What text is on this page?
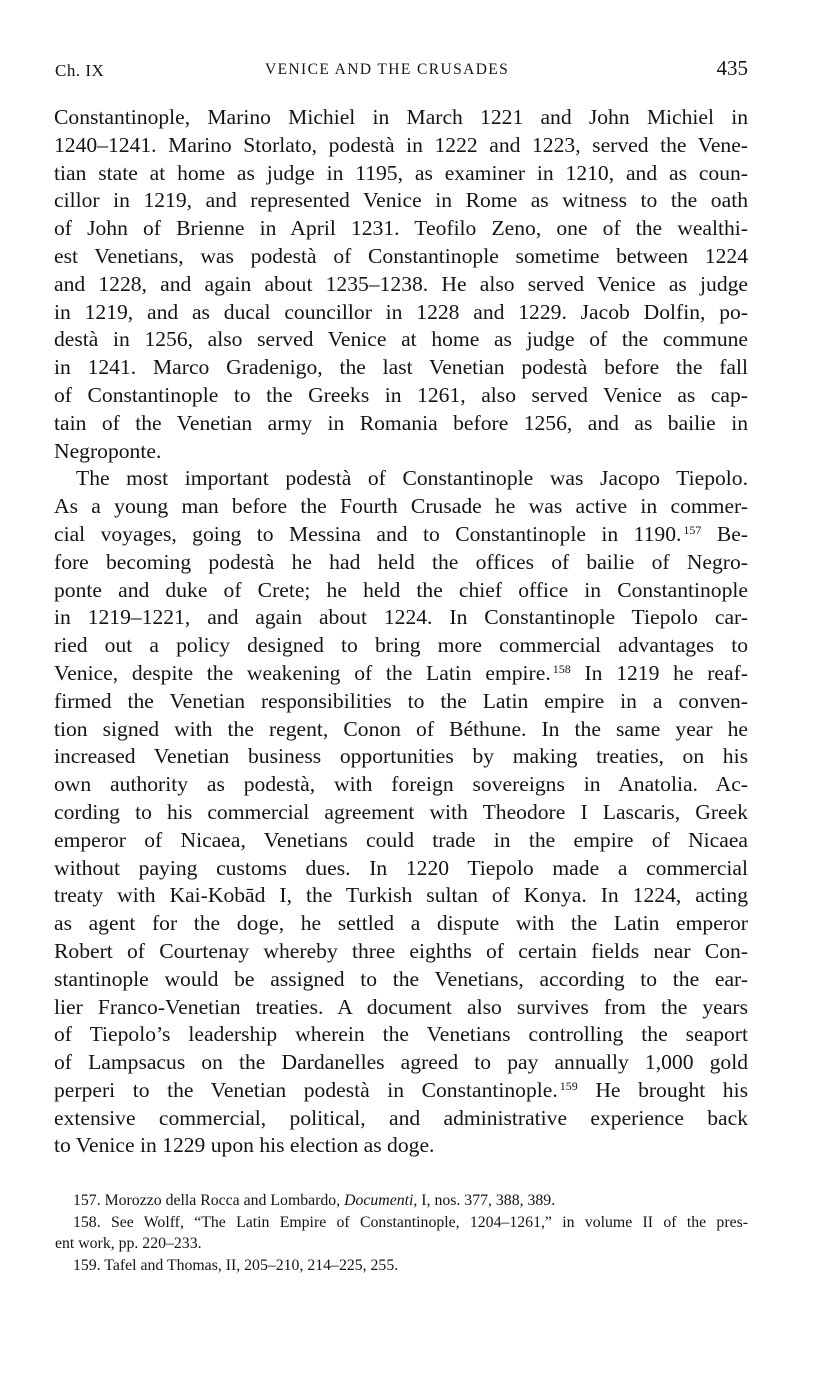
Ch. IX	VENICE AND THE CRUSADES	435
Constantinople, Marino Michiel in March 1221 and John Michiel in
1240–1241. Marino Storlato, podestà in 1222 and 1223, served the Vene-
tian state at home as judge in 1195, as examiner in 1210, and as coun-
cillor in 1219, and represented Venice in Rome as witness to the oath
of John of Brienne in April 1231. Teofilo Zeno, one of the wealthi-
est Venetians, was podestà of Constantinople sometime between 1224
and 1228, and again about 1235–1238. He also served Venice as judge
in 1219, and as ducal councillor in 1228 and 1229. Jacob Dolfin, po-
destà in 1256, also served Venice at home as judge of the commune
in 1241. Marco Gradenigo, the last Venetian podestà before the fall
of Constantinople to the Greeks in 1261, also served Venice as cap-
tain of the Venetian army in Romania before 1256, and as bailie in
Negroponte.
The most important podestà of Constantinople was Jacopo Tiepolo.
As a young man before the Fourth Crusade he was active in commer-
cial voyages, going to Messina and to Constantinople in 1190. $^{157}$ Be-
fore becoming podestà he had held the offices of bailie of Negro-
ponte and duke of Crete; he held the chief office in Constantinople
in 1219–1221, and again about 1224. In Constantinople Tiepolo car-
ried out a policy designed to bring more commercial advantages to
Venice, despite the weakening of the Latin empire. $^{158}$ In 1219 he reaf-
firmed the Venetian responsibilities to the Latin empire in a conven-
tion signed with the regent, Conon of Béthune. In the same year he
increased Venetian business opportunities by making treaties, on his
own authority as podestà, with foreign sovereigns in Anatolia. Ac-
cording to his commercial agreement with Theodore I Lascaris, Greek
emperor of Nicaea, Venetians could trade in the empire of Nicaea
without paying customs dues. In 1220 Tiepolo made a commercial
treaty with Kai-Kobād I, the Turkish sultan of Konya. In 1224, acting
as agent for the doge, he settled a dispute with the Latin emperor
Robert of Courtenay whereby three eighths of certain fields near Con-
stantinople would be assigned to the Venetians, according to the ear-
lier Franco-Venetian treaties. A document also survives from the years
of Tiepolo’s leadership wherein the Venetians controlling the seaport
of Lampsacus on the Dardanelles agreed to pay annually 1,000 gold
perperi to the Venetian podestà in Constantinople. $^{159}$ He brought his
extensive commercial, political, and administrative experience back
to Venice in 1229 upon his election as doge.
157. Morozzo della Rocca and Lombardo, Documenti, I, nos. 377, 388, 389.
158. See Wolff, “The Latin Empire of Constantinople, 1204–1261,” in volume II of the pres-
ent work, pp. 220–233.
159. Tafel and Thomas, II, 205–210, 214–225, 255.
